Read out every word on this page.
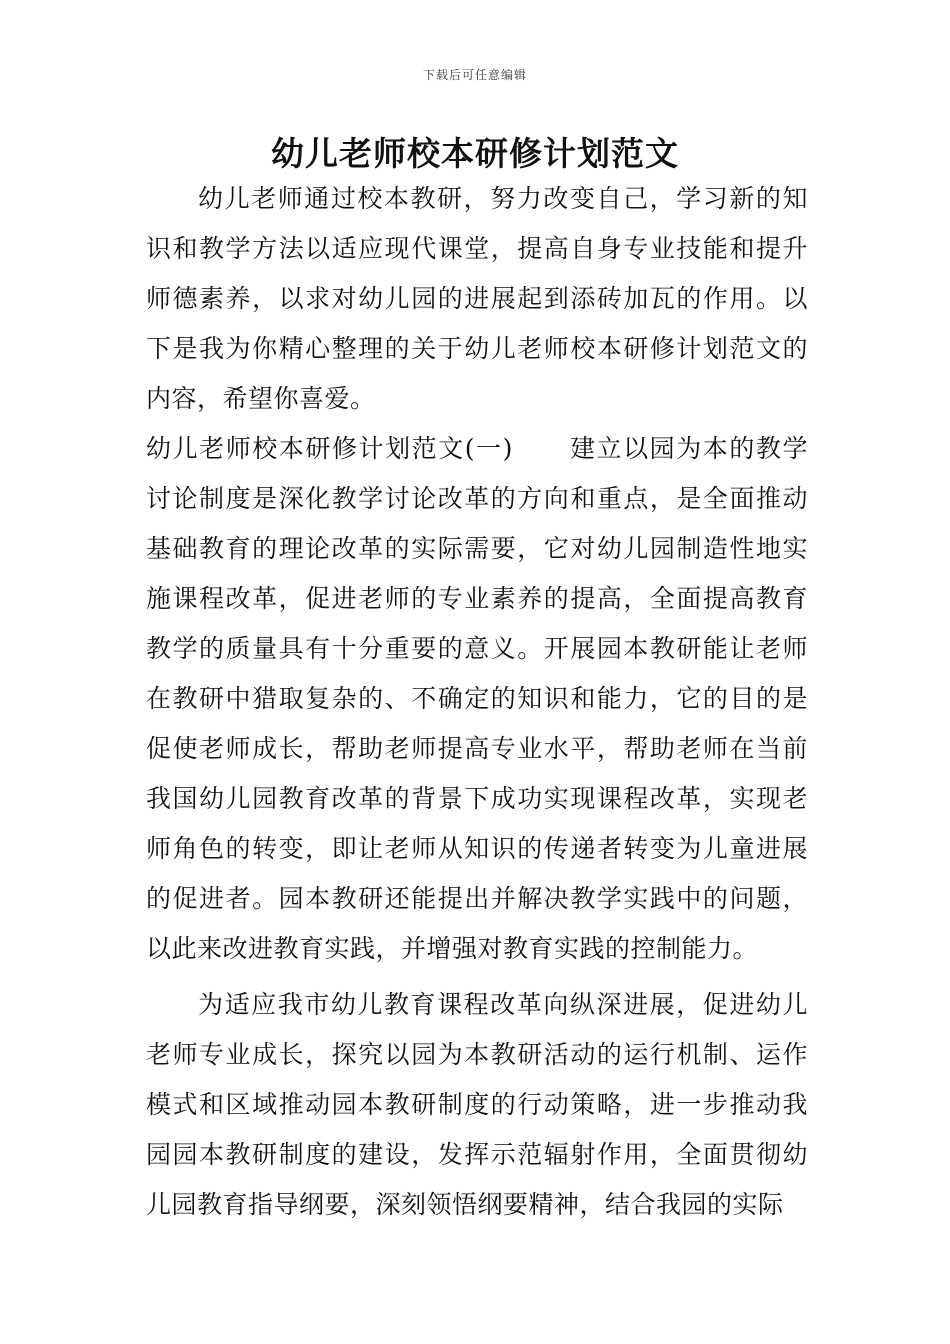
下载后可任意编辑
幼儿老师校本研修计划范文

幼儿老师通过校本教研，努力改变自己，学习新的知识和教学方法以适应现代课堂，提高自身专业技能和提升师德素养，以求对幼儿园的进展起到添砖加瓦的作用。以下是我为你精心整理的关于幼儿老师校本研修计划范文的内容，希望你喜爱。

幼儿老师校本研修计划范文(一) 建立以园为本的教学讨论制度是深化教学讨论改革的方向和重点，是全面推动基础教育的理论改革的实际需要，它对幼儿园制造性地实施课程改革，促进老师的专业素养的提高，全面提高教育教学的质量具有十分重要的意义。开展园本教研能让老师在教研中猎取复杂的、不确定的知识和能力，它的目的是促使老师成长，帮助老师提高专业水平，帮助老师在当前我国幼儿园教育改革的背景下成功实现课程改革，实现老师角色的转变，即让老师从知识的传递者转变为儿童进展的促进者。园本教研还能提出并解决教学实践中的问题，以此来改进教育实践，并增强对教育实践的控制能力。

为适应我市幼儿教育课程改革向纵深进展，促进幼儿老师专业成长，探究以园为本教研活动的运行机制、运作模式和区域推动园本教研制度的行动策略，进一步推动我园园本教研制度的建设，发挥示范辐射作用，全面贯彻幼儿园教育指导纲要，深刻领悟纲要精神，结合我园的实际
